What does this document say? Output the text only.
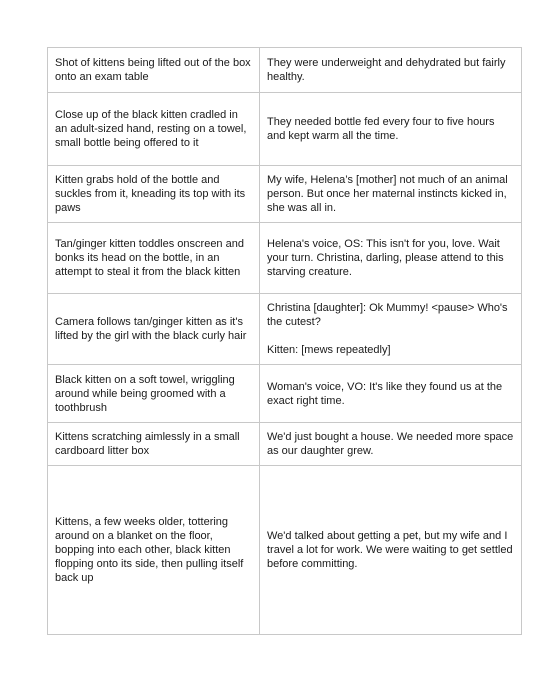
Shot of kittens being lifted out of the box onto an exam table	They were underweight and dehydrated but fairly healthy.

Close up of the black kitten cradled in an adult-sized hand, resting on a towel, small bottle being offered to it	They needed bottle fed every four to five hours and kept warm all the time.

Kitten grabs hold of the bottle and suckles from it, kneading its top with its paws	My wife, Helena’s [mother] not much of an animal person. But once her maternal instincts kicked in, she was all in.

Tan/ginger kitten toddles onscreen and bonks its head on the bottle, in an attempt to steal it from the black kitten	Helena's voice, OS: This isn't for you, love. Wait your turn. Christina, darling, please attend to this starving creature.

Camera follows tan/ginger kitten as it's lifted by the girl with the black curly hair	Christina [daughter]: Ok Mummy! <pause> Who's the cutest?
Kitten: [mews repeatedly]

Black kitten on a soft towel, wriggling around while being groomed with a toothbrush	Woman's voice, VO: It's like they found us at the exact right time.

Kittens scratching aimlessly in a small cardboard litter box	We'd just bought a house. We needed more space as our daughter grew.

Kittens, a few weeks older, tottering around on a blanket on the floor, bopping into each other, black kitten flopping onto its side, then pulling itself back up	We'd talked about getting a pet, but my wife and I travel a lot for work. We were waiting to get settled before committing.
